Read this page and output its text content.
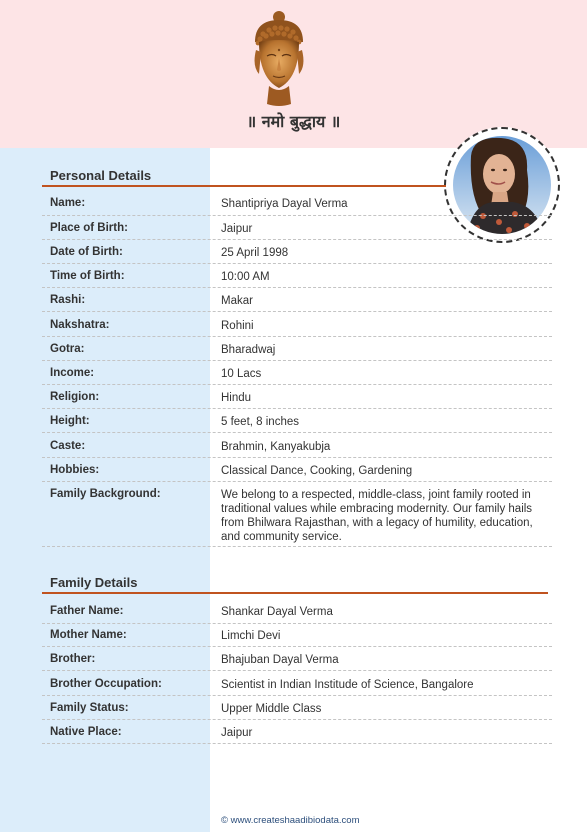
॥ नमो बुद्धाय ॥
Personal Details
Name:	Shantipriya Dayal Verma
Place of Birth:	Jaipur
Date of Birth:	25 April 1998
Time of Birth:	10:00 AM
Rashi:	Makar
Nakshatra:	Rohini
Gotra:	Bharadwaj
Income:	10 Lacs
Religion:	Hindu
Height:	5 feet, 8 inches
Caste:	Brahmin, Kanyakubja
Hobbies:	Classical Dance, Cooking, Gardening
Family Background:	We belong to a respected, middle-class, joint family rooted in traditional values while embracing modernity. Our family hails from Bhilwara Rajasthan, with a legacy of humility, education, and community service.
Family Details
Father Name:	Shankar Dayal Verma
Mother Name:	Limchi Devi
Brother:	Bhajuban Dayal Verma
Brother Occupation:	Scientist in Indian Institude of Science, Bangalore
Family Status:	Upper Middle Class
Native Place:	Jaipur
© www.createshaadibiodata.com
